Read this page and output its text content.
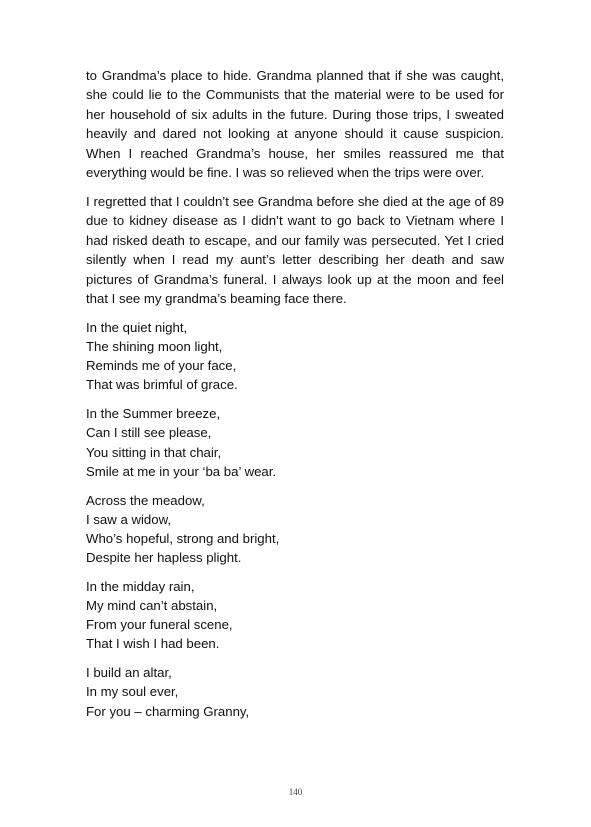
to Grandma’s place to hide. Grandma planned that if she was caught, she could lie to the Communists that the material were to be used for her household of six adults in the future. During those trips, I sweated heavily and dared not looking at anyone should it cause suspicion. When I reached Grandma’s house, her smiles reassured me that everything would be fine. I was so relieved when the trips were over.

I regretted that I couldn’t see Grandma before she died at the age of 89 due to kidney disease as I didn’t want to go back to Vietnam where I had risked death to escape, and our family was persecuted. Yet I cried silently when I read my aunt’s letter describing her death and saw pictures of Grandma’s funeral. I always look up at the moon and feel that I see my grandma’s beaming face there.

In the quiet night,
The shining moon light,
Reminds me of your face,
That was brimful of grace.
In the Summer breeze,
Can I still see please,
You sitting in that chair,
Smile at me in your ‘ba ba’ wear.
Across the meadow,
I saw a widow,
Who’s hopeful, strong and bright,
Despite her hapless plight.
In the midday rain,
My mind can’t abstain,
From your funeral scene,
That I wish I had been.
I build an altar,
In my soul ever,
For you – charming Granny,
140
